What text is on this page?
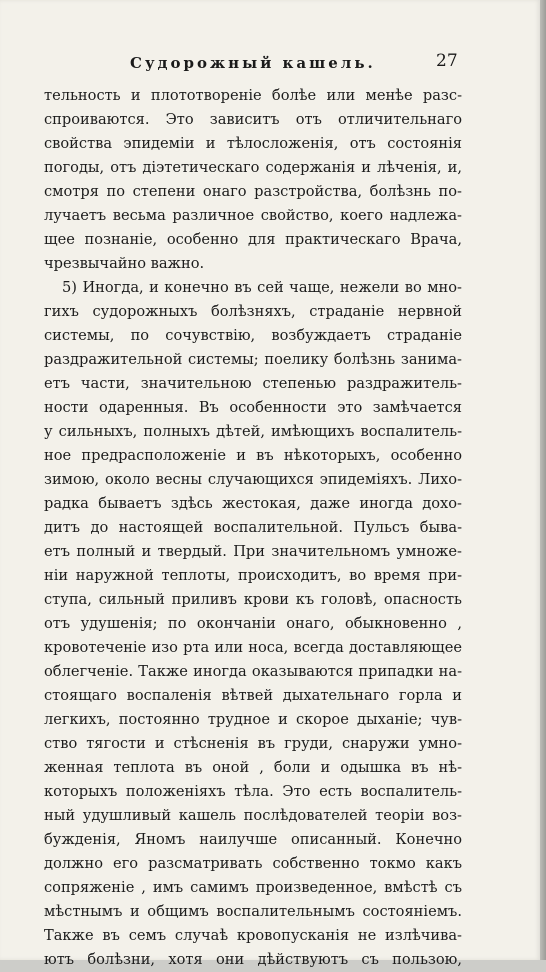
Судорожный кашель.	27
тельность и плототвореніе болѣе или менѣе разс-
спроиваются. Это зависитъ отъ отличительнаго
свойства эпидеміи и тѣлосложенія, отъ состоянія
погоды, отъ діэтетическаго содержанія и лѣченія, и,
смотря по степени онаго разстройства, болѣзнь по-
лучаетъ весьма различное свойство, коего надлежа-
щее познаніе, особенно для практическаго Врача,
чрезвычайно важно.
5) Иногда, и конечно въ сей чаще, нежели во мно-
гихъ судорожныхъ болѣзняхъ, страданіе нервной
системы, по сочувствію, возбуждаетъ страданіе
раздражительной системы; поелику болѣзнь занима-
етъ части, значительною степенью раздражитель-
ности одаренныя. Въ особенности это замѣчается
у сильныхъ, полныхъ дѣтей, имѣющихъ воспалитель-
ное предрасположеніе и въ нѣкоторыхъ, особенно
зимою, около весны случающихся эпидеміяхъ. Лихо-
радка бываетъ здѣсь жестокая, даже иногда дохо-
дитъ до настоящей воспалительной. Пульсъ бывa-
етъ полный и твердый. При значительномъ умноже-
ніи наружной теплоты, происходитъ, во время при-
ступа, сильный приливъ крови къ головѣ, опасность
отъ удушенія; по окончаніи онаго, обыкновенно ,
кровотеченіе изо рта или носа, всегда доставляющее
облегченіе. Также иногда оказываются припадки на-
стоящаго воспаленія вѣтвей дыхательнаго горла и
легкихъ, постоянно трудное и скорое дыханіе; чув-
ство тягости и стѣсненія въ груди, снаружи умно-
женная теплота въ оной , боли и одышка въ нѣ-
которыхъ положеніяхъ тѣла. Это есть воспалитель-
ный удушливый кашель послѣдователей теоріи воз-
бужденія, Яномъ наилучше описанный. Конечно
должно его разсматривать собственно токмо какъ
сопряженіе , имъ самимъ произведенное, вмѣстѣ съ
мѣстнымъ и общимъ воспалительнымъ состояніемъ.
Также въ семъ случаѣ кровопусканія не излѣчива-
ютъ болѣзни, хотя они дѣйствуютъ съ пользою,
